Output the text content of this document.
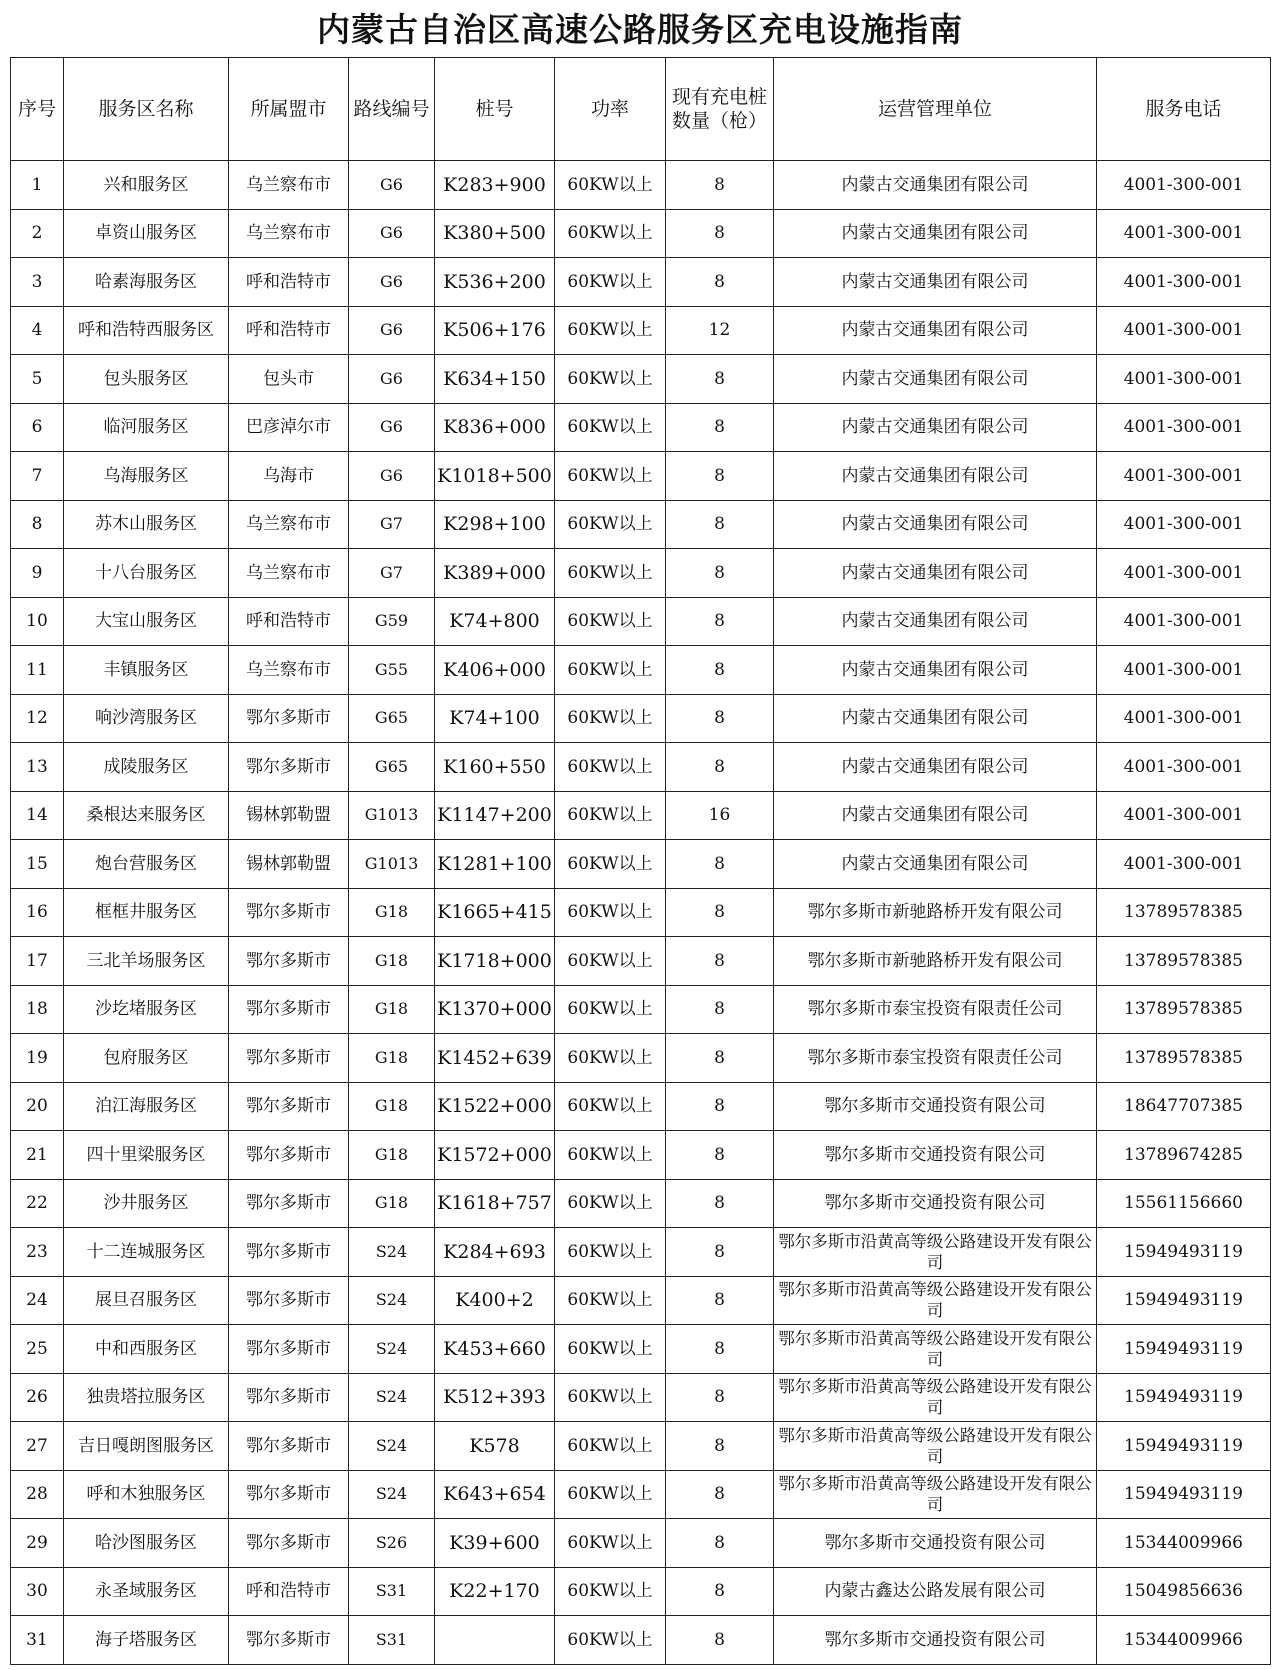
内蒙古自治区高速公路服务区充电设施指南
序号	服务区名称	所属盟市	路线编号	桩号	功率	现有充电桩数量（枪）	运营管理单位	服务电话
1	兴和服务区	乌兰察布市	G6	K283+900	60KW以上	8	内蒙古交通集团有限公司	4001-300-001
2	卓资山服务区	乌兰察布市	G6	K380+500	60KW以上	8	内蒙古交通集团有限公司	4001-300-001
3	哈素海服务区	呼和浩特市	G6	K536+200	60KW以上	8	内蒙古交通集团有限公司	4001-300-001
4	呼和浩特西服务区	呼和浩特市	G6	K506+176	60KW以上	12	内蒙古交通集团有限公司	4001-300-001
5	包头服务区	包头市	G6	K634+150	60KW以上	8	内蒙古交通集团有限公司	4001-300-001
6	临河服务区	巴彦淖尔市	G6	K836+000	60KW以上	8	内蒙古交通集团有限公司	4001-300-001
7	乌海服务区	乌海市	G6	K1018+500	60KW以上	8	内蒙古交通集团有限公司	4001-300-001
8	苏木山服务区	乌兰察布市	G7	K298+100	60KW以上	8	内蒙古交通集团有限公司	4001-300-001
9	十八台服务区	乌兰察布市	G7	K389+000	60KW以上	8	内蒙古交通集团有限公司	4001-300-001
10	大宝山服务区	呼和浩特市	G59	K74+800	60KW以上	8	内蒙古交通集团有限公司	4001-300-001
11	丰镇服务区	乌兰察布市	G55	K406+000	60KW以上	8	内蒙古交通集团有限公司	4001-300-001
12	响沙湾服务区	鄂尔多斯市	G65	K74+100	60KW以上	8	内蒙古交通集团有限公司	4001-300-001
13	成陵服务区	鄂尔多斯市	G65	K160+550	60KW以上	8	内蒙古交通集团有限公司	4001-300-001
14	桑根达来服务区	锡林郭勒盟	G1013	K1147+200	60KW以上	16	内蒙古交通集团有限公司	4001-300-001
15	炮台营服务区	锡林郭勒盟	G1013	K1281+100	60KW以上	8	内蒙古交通集团有限公司	4001-300-001
16	框框井服务区	鄂尔多斯市	G18	K1665+415	60KW以上	8	鄂尔多斯市新驰路桥开发有限公司	13789578385
17	三北羊场服务区	鄂尔多斯市	G18	K1718+000	60KW以上	8	鄂尔多斯市新驰路桥开发有限公司	13789578385
18	沙圪堵服务区	鄂尔多斯市	G18	K1370+000	60KW以上	8	鄂尔多斯市泰宝投资有限责任公司	13789578385
19	包府服务区	鄂尔多斯市	G18	K1452+639	60KW以上	8	鄂尔多斯市泰宝投资有限责任公司	13789578385
20	泊江海服务区	鄂尔多斯市	G18	K1522+000	60KW以上	8	鄂尔多斯市交通投资有限公司	18647707385
21	四十里梁服务区	鄂尔多斯市	G18	K1572+000	60KW以上	8	鄂尔多斯市交通投资有限公司	13789674285
22	沙井服务区	鄂尔多斯市	G18	K1618+757	60KW以上	8	鄂尔多斯市交通投资有限公司	15561156660
23	十二连城服务区	鄂尔多斯市	S24	K284+693	60KW以上	8	鄂尔多斯市沿黄高等级公路建设开发有限公司	15949493119
24	展旦召服务区	鄂尔多斯市	S24	K400+2	60KW以上	8	鄂尔多斯市沿黄高等级公路建设开发有限公司	15949493119
25	中和西服务区	鄂尔多斯市	S24	K453+660	60KW以上	8	鄂尔多斯市沿黄高等级公路建设开发有限公司	15949493119
26	独贵塔拉服务区	鄂尔多斯市	S24	K512+393	60KW以上	8	鄂尔多斯市沿黄高等级公路建设开发有限公司	15949493119
27	吉日嘎朗图服务区	鄂尔多斯市	S24	K578	60KW以上	8	鄂尔多斯市沿黄高等级公路建设开发有限公司	15949493119
28	呼和木独服务区	鄂尔多斯市	S24	K643+654	60KW以上	8	鄂尔多斯市沿黄高等级公路建设开发有限公司	15949493119
29	哈沙图服务区	鄂尔多斯市	S26	K39+600	60KW以上	8	鄂尔多斯市交通投资有限公司	15344009966
30	永圣域服务区	呼和浩特市	S31	K22+170	60KW以上	8	内蒙古鑫达公路发展有限公司	15049856636
31	海子塔服务区	鄂尔多斯市	S31		60KW以上	8	鄂尔多斯市交通投资有限公司	15344009966
